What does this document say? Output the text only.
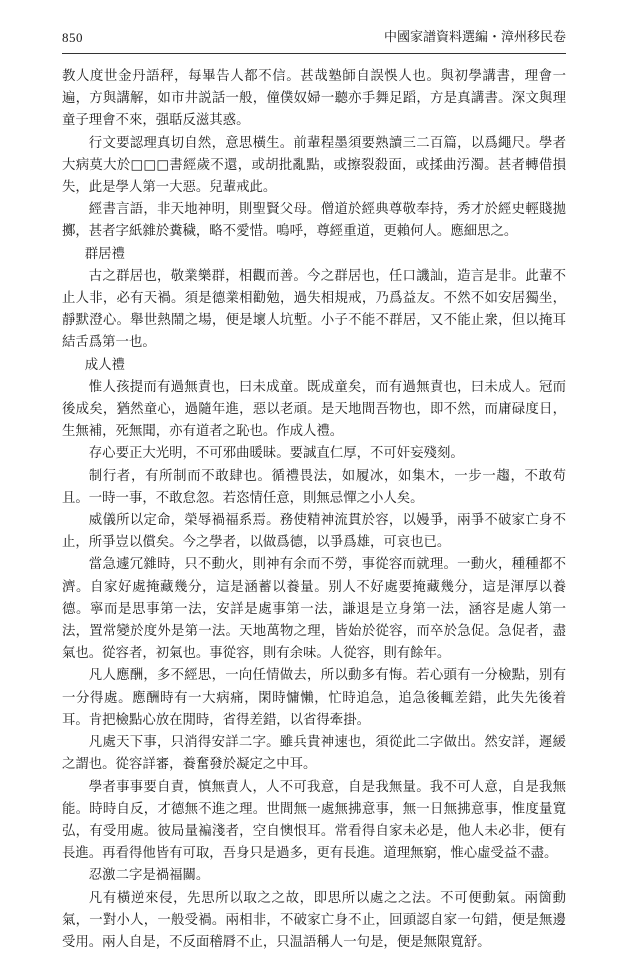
850	中國家譜資料選編・漳州移民卷

教人度世金丹語秤，每畢告人都不信。甚哉塾師自誤悞人也。與初學講書，理會一遍，方與講解，如市井説話一般，僮僕奴婦一聽亦手舞足蹈，方是真講書。深文與理童子理會不來，强聒反滋其惑。

行文要認理真切自然，意思橫生。前輩程墨須要熟讀三二百篇，以爲繩尺。學者大病莫大於□□□書經歲不還，或胡批亂點，或擦裂殺面，或揉曲汚濁。甚者轉借損失，此是學人第一大惡。兒輩戒此。

經書言語，非天地神明，則聖賢父母。僧道於經典尊敬奉持，秀才於經史輕賤拋擲，甚者字紙雜於糞穢，略不愛惜。嗚呼，尊經重道，更賴何人。應細思之。

群居禮

古之群居也，敬業樂群，相觀而善。今之群居也，任口譏訕，造言是非。此輩不止人非，必有天禍。須是德業相勸勉，過失相規戒，乃爲益友。不然不如安居獨坐，靜默澄心。舉世熱鬧之場，便是壞人坑塹。小子不能不群居，又不能止衆，但以掩耳結舌爲第一也。

成人禮

惟人孩提而有過無責也，曰未成童。既成童矣，而有過無責也，曰未成人。冠而後成矣，猶然童心，過隨年進，惡以老頑。是天地間吾物也，即不然，而庸碌度日，生無補，死無聞，亦有道者之恥也。作成人禮。

存心要正大光明，不可邪曲暖昧。要誠直仁厚，不可奸妄殘刻。

制行者，有所制而不敢肆也。循禮畏法，如履冰，如集木，一步一趨，不敢苟且。一時一事，不敢怠忽。若恣情任意，則無忌憚之小人矣。

威儀所以定命，榮辱禍福系焉。務使精神流貫於容，以嫚爭，兩爭不破家亡身不止，所爭豈以償矣。今之學者，以做爲德，以爭爲雄，可哀也已。

當急遽冗雜時，只不動火，則神有余而不勞，事從容而就理。一動火，種種都不濟。自家好處掩藏幾分，這是涵蓄以養量。别人不好處要掩藏幾分，這是渾厚以養德。寧而是思事第一法，安詳是處事第一法，謙退是立身第一法，涵容是處人第一法，置常變於度外是第一法。天地萬物之理，皆始於從容，而卒於急促。急促者，盡氣也。從容者，初氣也。事從容，則有余味。人從容，則有餘年。

凡人應酬，多不經思，一向任情做去，所以動多有悔。若心頭有一分檢點，别有一分得處。應酬時有一大病痛，閑時慵懶，忙時追急，追急後輒差錯，此失先後着耳。肯把檢點心放在閒時，省得差錯，以省得牽掛。

凡處天下事，只消得安詳二字。雖兵貴神速也，須從此二字做出。然安詳，遲緩之謂也。從容詳審，養奮發於凝定之中耳。

學者事事要自責，慎無責人，人不可我意，自是我無量。我不可人意，自是我無能。時時自反，才德無不進之理。世間無一處無拂意事，無一日無拂意事，惟度量寬弘，有受用處。彼局量褊淺者，空自懊恨耳。常看得自家未必是，他人未必非，便有長進。再看得他皆有可取，吾身只是過多，更有長進。道理無窮，惟心虛受益不盡。

忍激二字是禍福關。

凡有橫逆來侵，先思所以取之之故，即思所以處之之法。不可便動氣。兩箇動氣，一對小人，一般受禍。兩相非，不破家亡身不止，回頭認自家一句錯，便是無邊受用。兩人自是，不反面稽脣不止，只温語稱人一句是，便是無限寬舒。
